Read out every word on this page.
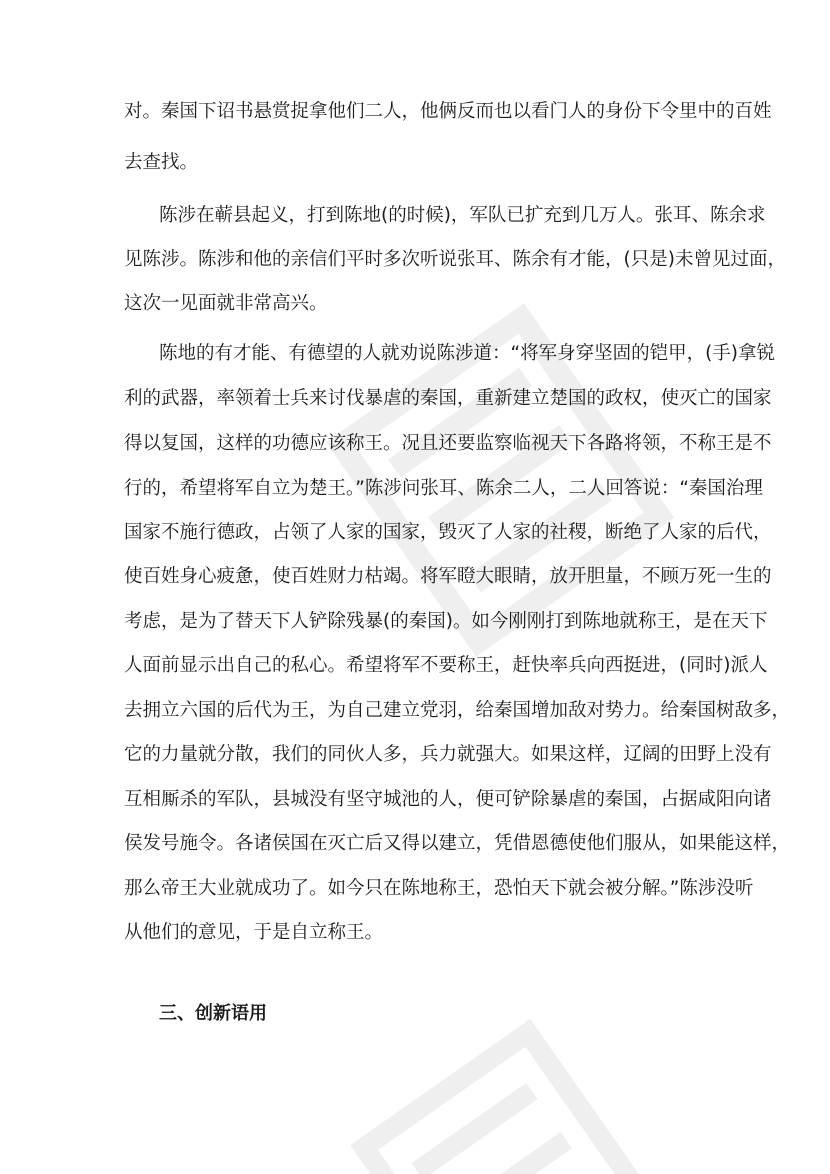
对。秦国下诏书悬赏捉拿他们二人，他俩反而也以看门人的身份下令里中的百姓
去查找。
陈涉在蕲县起义，打到陈地(的时候)，军队已扩充到几万人。张耳、陈余求
见陈涉。陈涉和他的亲信们平时多次听说张耳、陈余有才能，(只是)未曾见过面，
这次一见面就非常高兴。
陈地的有才能、有德望的人就劝说陈涉道：“将军身穿坚固的铠甲，(手)拿锐
利的武器，率领着士兵来讨伐暴虐的秦国，重新建立楚国的政权，使灭亡的国家
得以复国，这样的功德应该称王。况且还要监察临视天下各路将领，不称王是不
行的，希望将军自立为楚王。”陈涉问张耳、陈余二人，二人回答说：“秦国治理
国家不施行德政，占领了人家的国家，毁灭了人家的社稷，断绝了人家的后代，
使百姓身心疲惫，使百姓财力枯竭。将军瞪大眼睛，放开胆量，不顾万死一生的
考虑，是为了替天下人铲除残暴(的秦国)。如今刚刚打到陈地就称王，是在天下
人面前显示出自己的私心。希望将军不要称王，赶快率兵向西挺进，(同时)派人
去拥立六国的后代为王，为自己建立党羽，给秦国增加敌对势力。给秦国树敌多，
它的力量就分散，我们的同伙人多，兵力就强大。如果这样，辽阔的田野上没有
互相厮杀的军队，县城没有坚守城池的人，便可铲除暴虐的秦国，占据咸阳向诸
侯发号施令。各诸侯国在灭亡后又得以建立，凭借恩德使他们服从，如果能这样，
那么帝王大业就成功了。如今只在陈地称王，恐怕天下就会被分解。”陈涉没听
从他们的意见，于是自立称王。
三、创新语用
